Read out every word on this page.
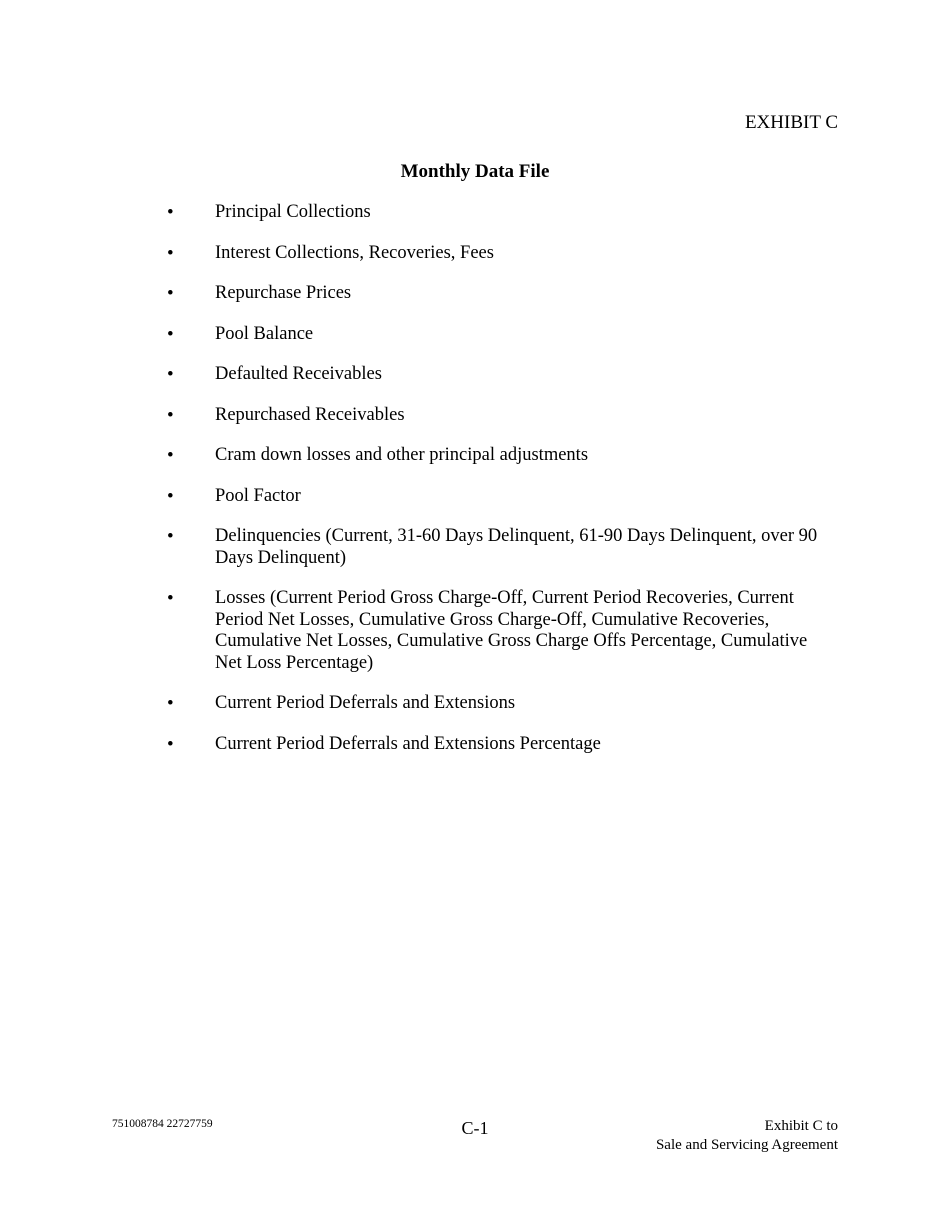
EXHIBIT C
Monthly Data File
• Principal Collections
• Interest Collections, Recoveries, Fees
• Repurchase Prices
• Pool Balance
• Defaulted Receivables
• Repurchased Receivables
• Cram down losses and other principal adjustments
• Pool Factor
• Delinquencies (Current, 31-60 Days Delinquent, 61-90 Days Delinquent, over 90 Days Delinquent)
• Losses (Current Period Gross Charge-Off, Current Period Recoveries, Current Period Net Losses, Cumulative Gross Charge-Off, Cumulative Recoveries, Cumulative Net Losses, Cumulative Gross Charge Offs Percentage, Cumulative Net Loss Percentage)
• Current Period Deferrals and Extensions
• Current Period Deferrals and Extensions Percentage
751008784 22727759	C-1	Exhibit C to
Sale and Servicing Agreement
